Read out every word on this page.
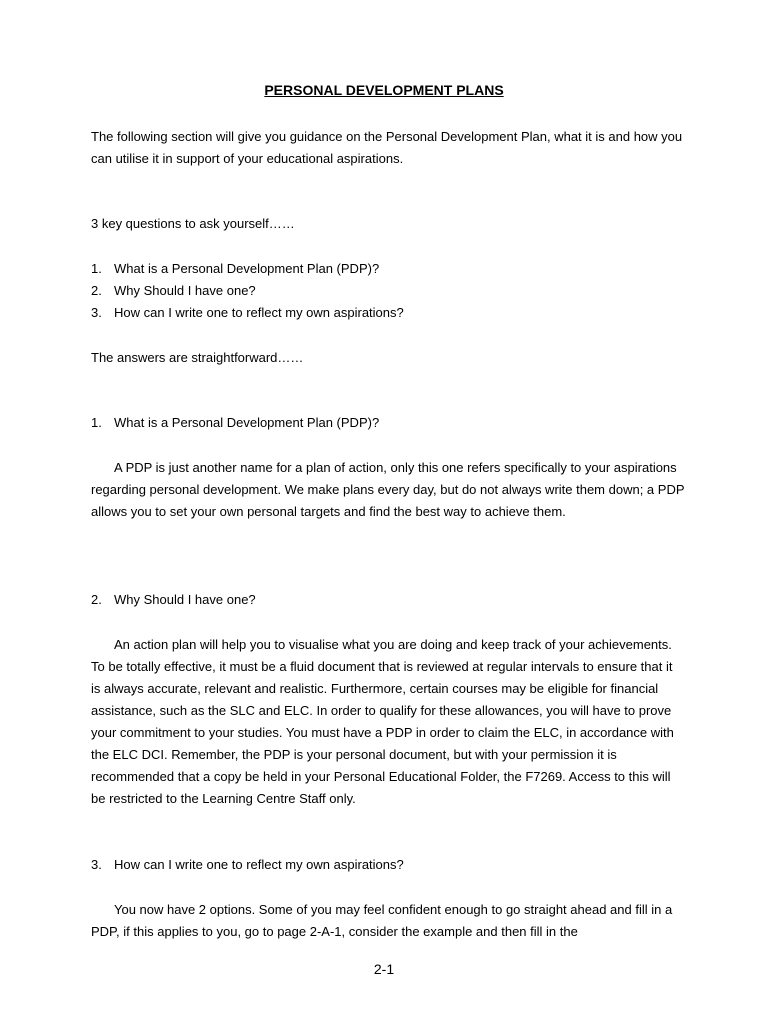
PERSONAL DEVELOPMENT PLANS

The following section will give you guidance on the Personal Development Plan, what it is and how you can utilise it in support of your educational aspirations.

3 key questions to ask yourself……

1. What is a Personal Development Plan (PDP)?
2. Why Should I have one?
3. How can I write one to reflect my own aspirations?

The answers are straightforward……

1. What is a Personal Development Plan (PDP)?

A PDP is just another name for a plan of action, only this one refers specifically to your aspirations regarding personal development. We make plans every day, but do not always write them down; a PDP allows you to set your own personal targets and find the best way to achieve them.

2. Why Should I have one?

An action plan will help you to visualise what you are doing and keep track of your achievements. To be totally effective, it must be a fluid document that is reviewed at regular intervals to ensure that it is always accurate, relevant and realistic. Furthermore, certain courses may be eligible for financial assistance, such as the SLC and ELC. In order to qualify for these allowances, you will have to prove your commitment to your studies. You must have a PDP in order to claim the ELC, in accordance with the ELC DCI. Remember, the PDP is your personal document, but with your permission it is recommended that a copy be held in your Personal Educational Folder, the F7269. Access to this will be restricted to the Learning Centre Staff only.

3. How can I write one to reflect my own aspirations?

You now have 2 options. Some of you may feel confident enough to go straight ahead and fill in a PDP, if this applies to you, go to page 2-A-1, consider the example and then fill in the

2-1
